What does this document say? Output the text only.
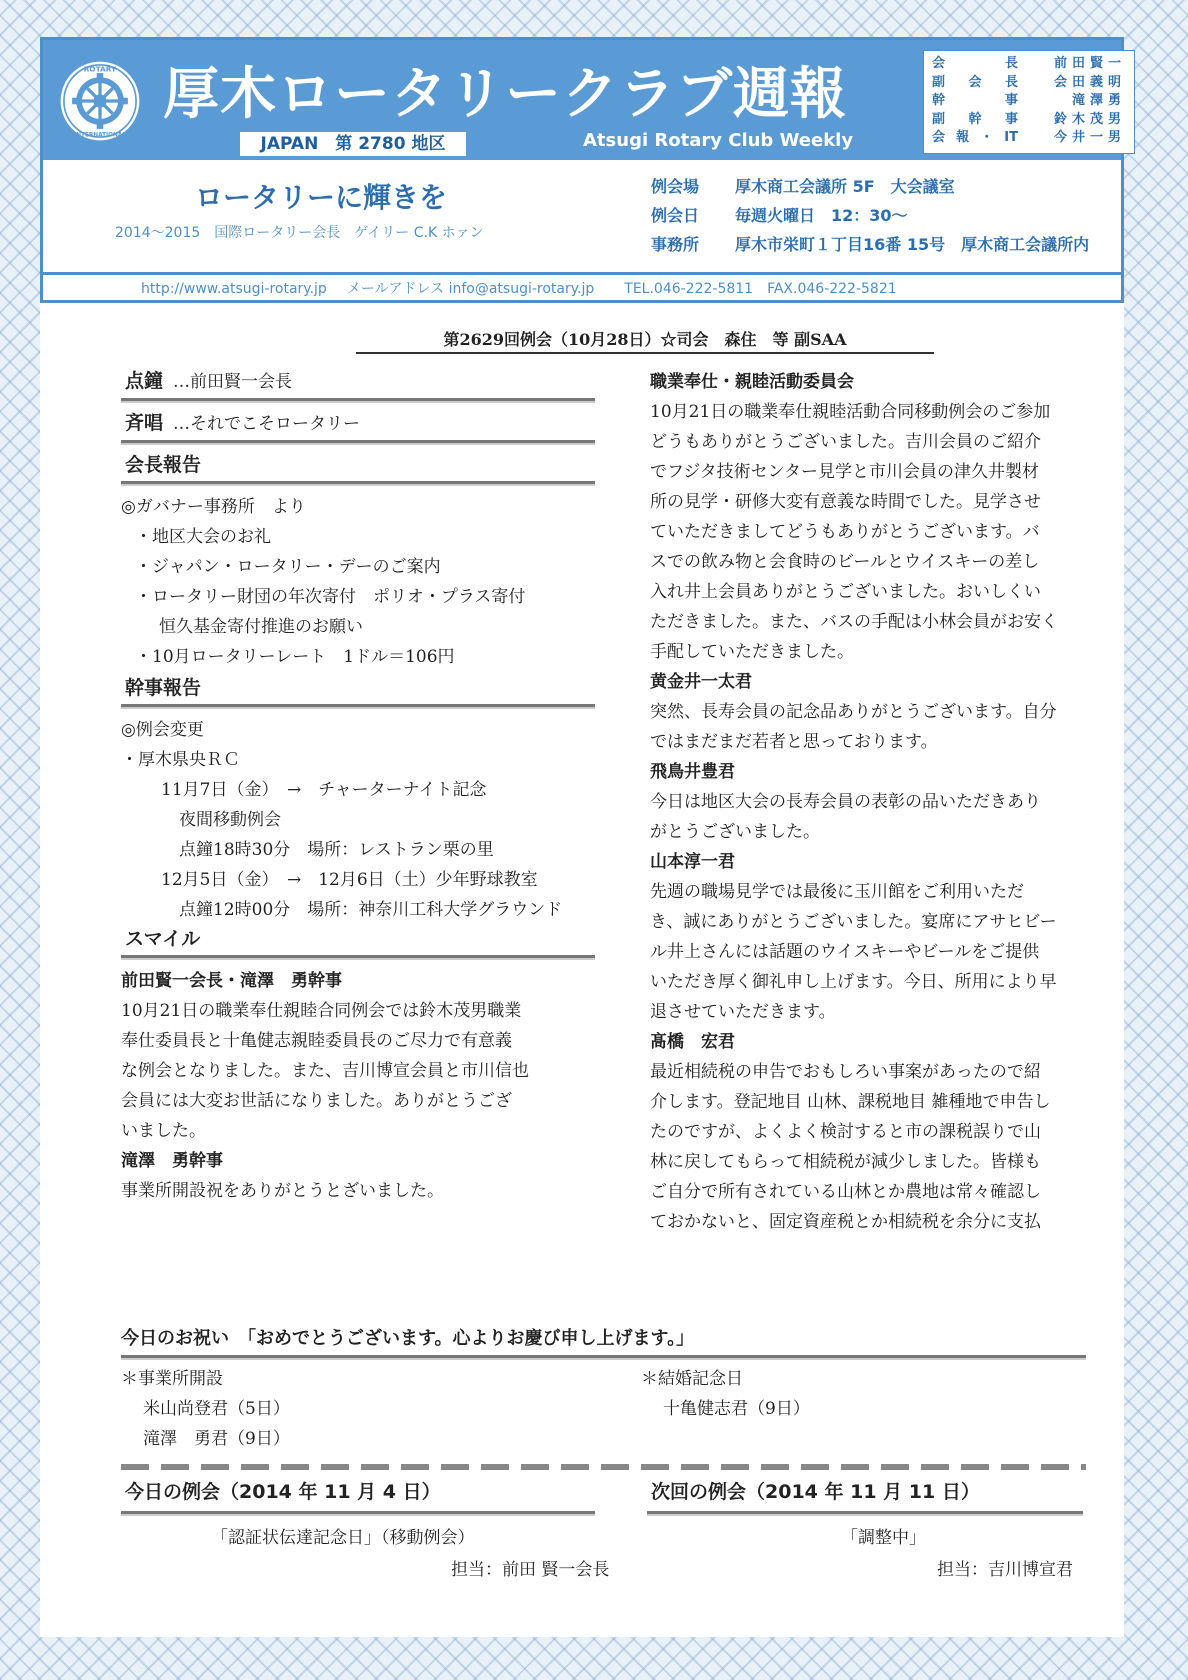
ROTARY
INTERNATIONAL
厚木ロータリークラブ週報
JAPAN　第 2780 地区	Atsugi Rotary Club Weekly
会長	前田賢一
副会長	会田義明
幹事	滝澤勇
副幹事	鈴木茂男
会報・IT	今井一男
ロータリーに輝きを
2014～2015　国際ロータリー会長　ゲイリー C.K ホァン
例会場 厚木商工会議所 5F　大会議室
例会日 毎週火曜日　12：30～
事務所 厚木市栄町１丁目16番 15号　厚木商工会議所内
http://www.atsugi-rotary.jp メールアドレス info@atsugi-rotary.jp TEL.046-222-5811　FAX.046-222-5821
第2629回例会（10月28日）☆司会　森住　等 副SAA
点鐘 …前田賢一会長
斉唱 …それでこそロータリー
会長報告
◎ガバナー事務所　より
・地区大会のお礼
・ジャパン・ロータリー・デーのご案内
・ロータリー財団の年次寄付　ポリオ・プラス寄付
恒久基金寄付推進のお願い
・10月ロータリーレート　1ドル＝106円
幹事報告
◎例会変更
・厚木県央ＲＣ
11月7日（金）　→　チャーターナイト記念
夜間移動例会
点鐘18時30分　場所：レストラン栗の里
12月5日（金）　→　12月6日（土）少年野球教室
点鐘12時00分　場所：神奈川工科大学グラウンド
スマイル
前田賢一会長・滝澤　勇幹事
10月21日の職業奉仕親睦合同例会では鈴木茂男職業
奉仕委員長と十亀健志親睦委員長のご尽力で有意義
な例会となりました。また、吉川博宣会員と市川信也
会員には大変お世話になりました。ありがとうござ
いました。
滝澤　勇幹事
事業所開設祝をありがとうとざいました。
職業奉仕・親睦活動委員会
10月21日の職業奉仕親睦活動合同移動例会のご参加
どうもありがとうございました。吉川会員のご紹介
でフジタ技術センター見学と市川会員の津久井製材
所の見学・研修大変有意義な時間でした。見学させ
ていただきましてどうもありがとうございます。バ
スでの飲み物と会食時のビールとウイスキーの差し
入れ井上会員ありがとうございました。おいしくい
ただきました。また、バスの手配は小林会員がお安く
手配していただきました。
黄金井一太君
突然、長寿会員の記念品ありがとうございます。自分
ではまだまだ若者と思っております。
飛鳥井豊君
今日は地区大会の長寿会員の表彰の品いただきあり
がとうございました。
山本淳一君
先週の職場見学では最後に玉川館をご利用いただ
き、誠にありがとうございました。宴席にアサヒビー
ル井上さんには話題のウイスキーやビールをご提供
いただき厚く御礼申し上げます。今日、所用により早
退させていただきます。
髙橋　宏君
最近相続税の申告でおもしろい事案があったので紹
介します。登記地目 山林、課税地目 雑種地で申告し
たのですが、よくよく検討すると市の課税誤りで山
林に戻してもらって相続税が減少しました。皆様も
ご自分で所有されている山林とか農地は常々確認し
ておかないと、固定資産税とか相続税を余分に支払
今日のお祝い　「おめでとうございます。心よりお慶び申し上げます。」
＊事業所開設
米山尚登君（5日）
滝澤　勇君（9日）
＊結婚記念日
十亀健志君（9日）
今日の例会（2014 年 11 月 4 日）
「認証状伝達記念日」（移動例会）
担当：前田 賢一会長
次回の例会（2014 年 11 月 11 日）
「調整中」
担当：吉川博宣君
